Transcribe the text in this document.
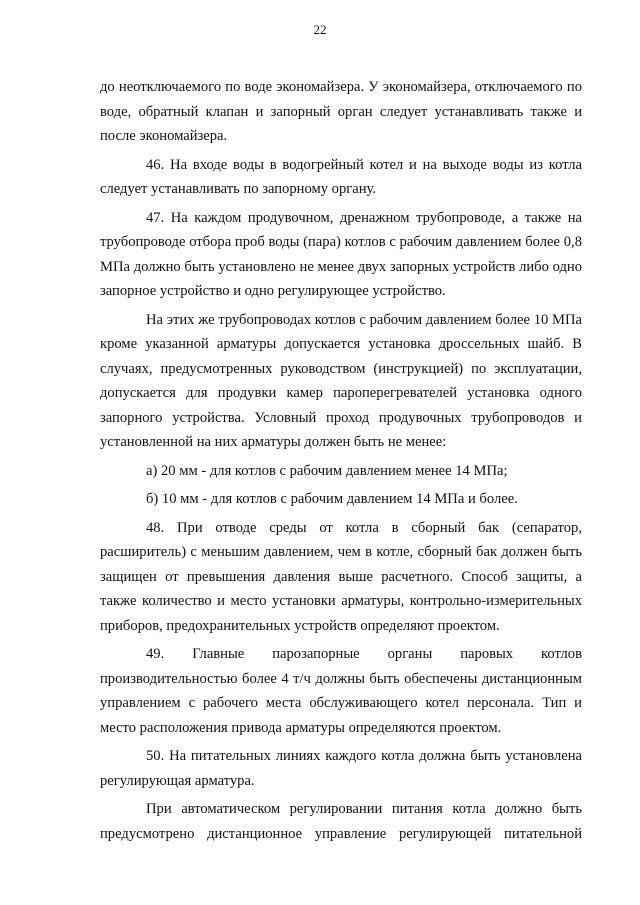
22

до неотключаемого по воде экономайзера. У экономайзера, отключаемого по воде, обратный клапан и запорный орган следует устанавливать также и после экономайзера.

46. На входе воды в водогрейный котел и на выходе воды из котла следует устанавливать по запорному органу.

47. На каждом продувочном, дренажном трубопроводе, а также на трубопроводе отбора проб воды (пара) котлов с рабочим давлением более 0,8 МПа должно быть установлено не менее двух запорных устройств либо одно запорное устройство и одно регулирующее устройство.

На этих же трубопроводах котлов с рабочим давлением более 10 МПа кроме указанной арматуры допускается установка дроссельных шайб. В случаях, предусмотренных руководством (инструкцией) по эксплуатации, допускается для продувки камер пароперегревателей установка одного запорного устройства. Условный проход продувочных трубопроводов и установленной на них арматуры должен быть не менее:

а) 20 мм - для котлов с рабочим давлением менее 14 МПа;

б) 10 мм - для котлов с рабочим давлением 14 МПа и более.

48. При отводе среды от котла в сборный бак (сепаратор, расширитель) с меньшим давлением, чем в котле, сборный бак должен быть защищен от превышения давления выше расчетного. Способ защиты, а также количество и место установки арматуры, контрольно-измерительных приборов, предохранительных устройств определяют проектом.

49. Главные парозапорные органы паровых котлов производительностью более 4 т/ч должны быть обеспечены дистанционным управлением с рабочего места обслуживающего котел персонала. Тип и место расположения привода арматуры определяются проектом.

50. На питательных линиях каждого котла должна быть установлена регулирующая арматура.

При автоматическом регулировании питания котла должно быть предусмотрено дистанционное управление регулирующей питательной
